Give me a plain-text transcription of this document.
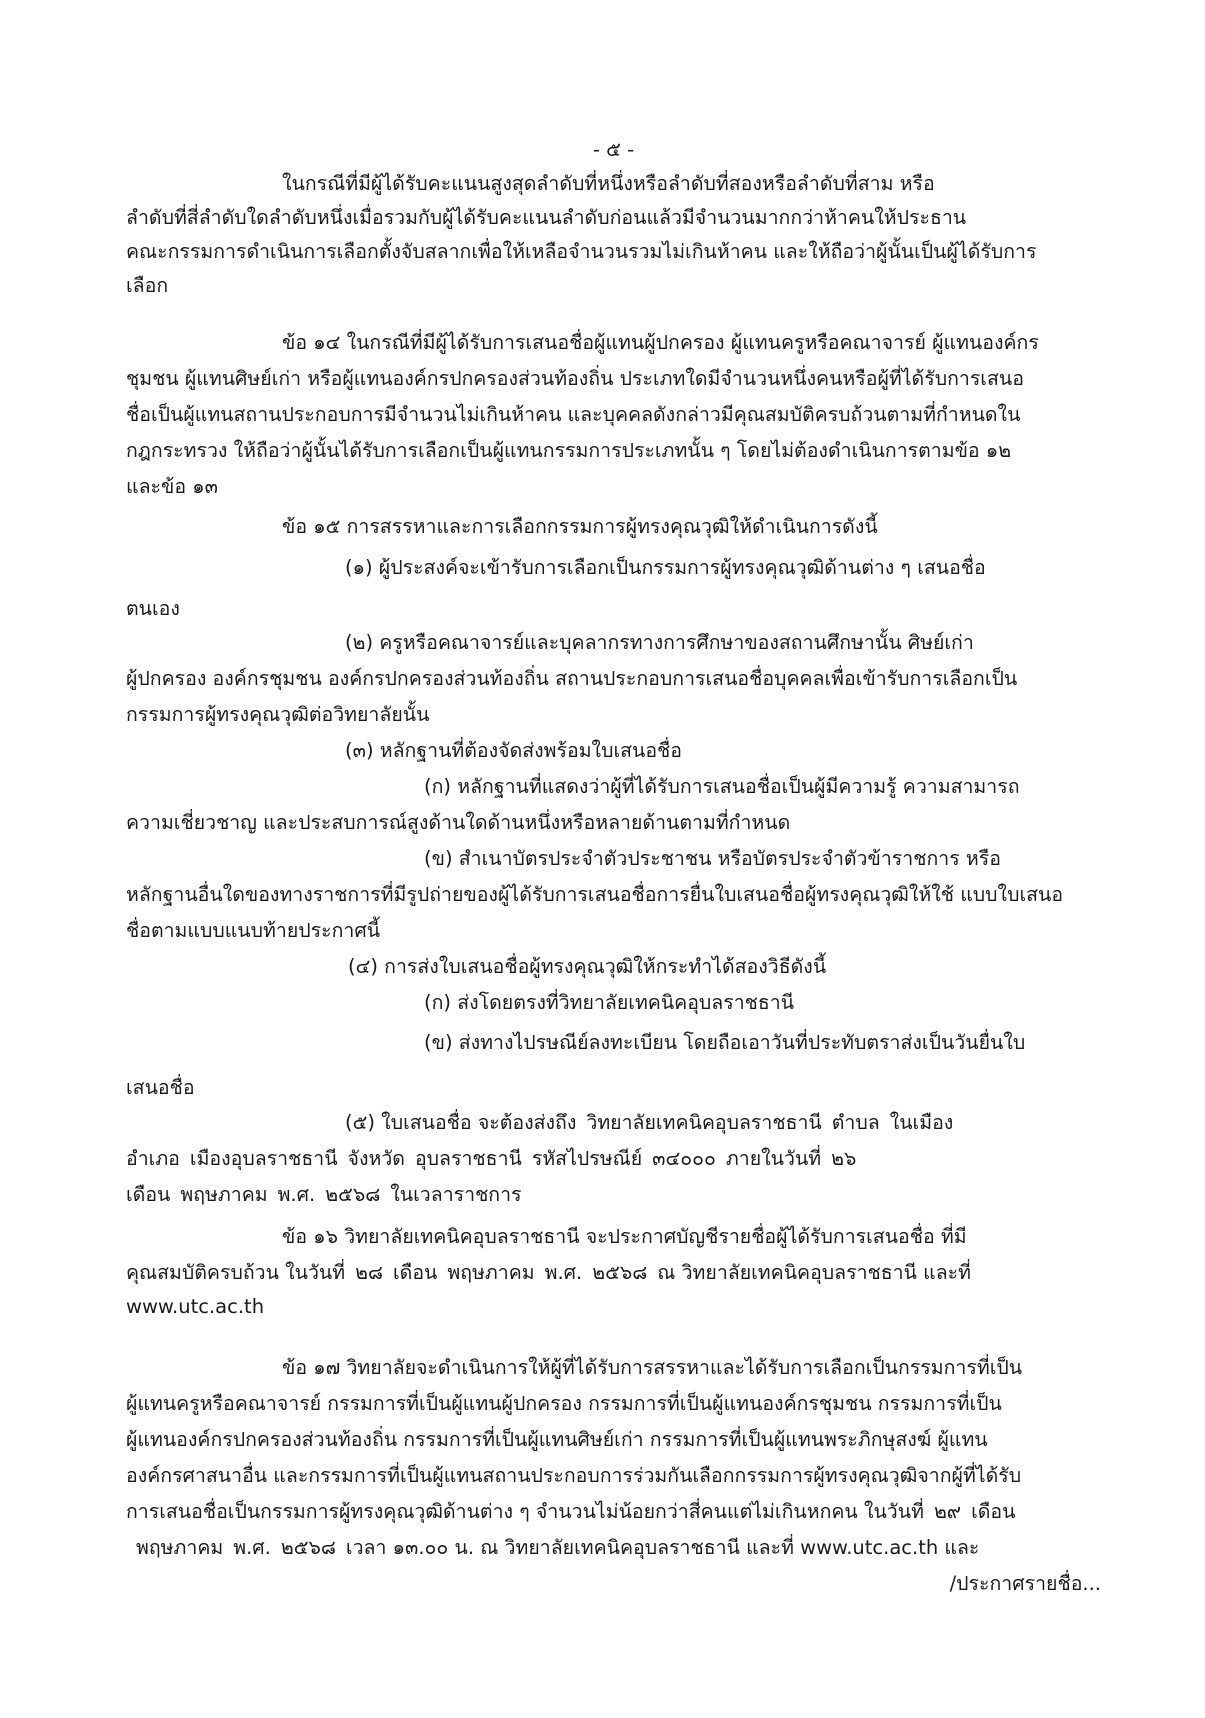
- ๕ -
ในกรณีที่มีผู้ได้รับคะแนนสูงสุดลำดับที่หนึ่งหรือลำดับที่สองหรือลำดับที่สาม หรือ
ลำดับที่สี่ลำดับใดลำดับหนึ่งเมื่อรวมกับผู้ได้รับคะแนนลำดับก่อนแล้วมีจำนวนมากกว่าห้าคนให้ประธาน
คณะกรรมการดำเนินการเลือกตั้งจับสลากเพื่อให้เหลือจำนวนรวมไม่เกินห้าคน และให้ถือว่าผู้นั้นเป็นผู้ได้รับการ
เลือก
ข้อ ๑๔ ในกรณีที่มีผู้ได้รับการเสนอชื่อผู้แทนผู้ปกครอง ผู้แทนครูหรือคณาจารย์ ผู้แทนองค์กร
ชุมชน ผู้แทนศิษย์เก่า หรือผู้แทนองค์กรปกครองส่วนท้องถิ่น ประเภทใดมีจำนวนหนึ่งคนหรือผู้ที่ได้รับการเสนอ
ชื่อเป็นผู้แทนสถานประกอบการมีจำนวนไม่เกินห้าคน และบุคคลดังกล่าวมีคุณสมบัติครบถ้วนตามที่กำหนดใน
กฎกระทรวง ให้ถือว่าผู้นั้นได้รับการเลือกเป็นผู้แทนกรรมการประเภทนั้น ๆ โดยไม่ต้องดำเนินการตามข้อ ๑๒
และข้อ ๑๓
ข้อ ๑๕ การสรรหาและการเลือกกรรมการผู้ทรงคุณวุฒิให้ดำเนินการดังนี้
(๑) ผู้ประสงค์จะเข้ารับการเลือกเป็นกรรมการผู้ทรงคุณวุฒิด้านต่าง ๆ เสนอชื่อ
ตนเอง
(๒) ครูหรือคณาจารย์และบุคลากรทางการศึกษาของสถานศึกษานั้น ศิษย์เก่า
ผู้ปกครอง องค์กรชุมชน องค์กรปกครองส่วนท้องถิ่น สถานประกอบการเสนอชื่อบุคคลเพื่อเข้ารับการเลือกเป็น
กรรมการผู้ทรงคุณวุฒิต่อวิทยาลัยนั้น
(๓) หลักฐานที่ต้องจัดส่งพร้อมใบเสนอชื่อ
(ก) หลักฐานที่แสดงว่าผู้ที่ได้รับการเสนอชื่อเป็นผู้มีความรู้ ความสามารถ
ความเชี่ยวชาญ และประสบการณ์สูงด้านใดด้านหนึ่งหรือหลายด้านตามที่กำหนด
(ข) สำเนาบัตรประจำตัวประชาชน หรือบัตรประจำตัวข้าราชการ หรือ
หลักฐานอื่นใดของทางราชการที่มีรูปถ่ายของผู้ได้รับการเสนอชื่อการยื่นใบเสนอชื่อผู้ทรงคุณวุฒิให้ใช้ แบบใบเสนอ
ชื่อตามแบบแนบท้ายประกาศนี้
(๔) การส่งใบเสนอชื่อผู้ทรงคุณวุฒิให้กระทำได้สองวิธีดังนี้
(ก) ส่งโดยตรงที่วิทยาลัยเทคนิคอุบลราชธานี
(ข) ส่งทางไปรษณีย์ลงทะเบียน โดยถือเอาวันที่ประทับตราส่งเป็นวันยื่นใบ
เสนอชื่อ
(๕) ใบเสนอชื่อ จะต้องส่งถึง วิทยาลัยเทคนิคอุบลราชธานี ตำบล ในเมือง
อำเภอ เมืองอุบลราชธานี จังหวัด อุบลราชธานี รหัสไปรษณีย์ ๓๔๐๐๐ ภายในวันที่ ๒๖
เดือน พฤษภาคม พ.ศ. ๒๕๖๘ ในเวลาราชการ
ข้อ ๑๖ วิทยาลัยเทคนิคอุบลราชธานี จะประกาศบัญชีรายชื่อผู้ได้รับการเสนอชื่อ ที่มี
คุณสมบัติครบถ้วน ในวันที่ ๒๘ เดือน พฤษภาคม พ.ศ. ๒๕๖๘ ณ วิทยาลัยเทคนิคอุบลราชธานี และที่
www.utc.ac.th
ข้อ ๑๗ วิทยาลัยจะดำเนินการให้ผู้ที่ได้รับการสรรหาและได้รับการเลือกเป็นกรรมการที่เป็น
ผู้แทนครูหรือคณาจารย์ กรรมการที่เป็นผู้แทนผู้ปกครอง กรรมการที่เป็นผู้แทนองค์กรชุมชน กรรมการที่เป็น
ผู้แทนองค์กรปกครองส่วนท้องถิ่น กรรมการที่เป็นผู้แทนศิษย์เก่า กรรมการที่เป็นผู้แทนพระภิกษุสงฆ์ ผู้แทน
องค์กรศาสนาอื่น และกรรมการที่เป็นผู้แทนสถานประกอบการร่วมกันเลือกกรรมการผู้ทรงคุณวุฒิจากผู้ที่ได้รับ
การเสนอชื่อเป็นกรรมการผู้ทรงคุณวุฒิด้านต่าง ๆ จำนวนไม่น้อยกว่าสี่คนแต่ไม่เกินหกคน ในวันที่ ๒๙ เดือน
พฤษภาคม พ.ศ. ๒๕๖๘ เวลา ๑๓.๐๐ น. ณ วิทยาลัยเทคนิคอุบลราชธานี และที่ www.utc.ac.th และ
/ประกาศรายชื่อ...
